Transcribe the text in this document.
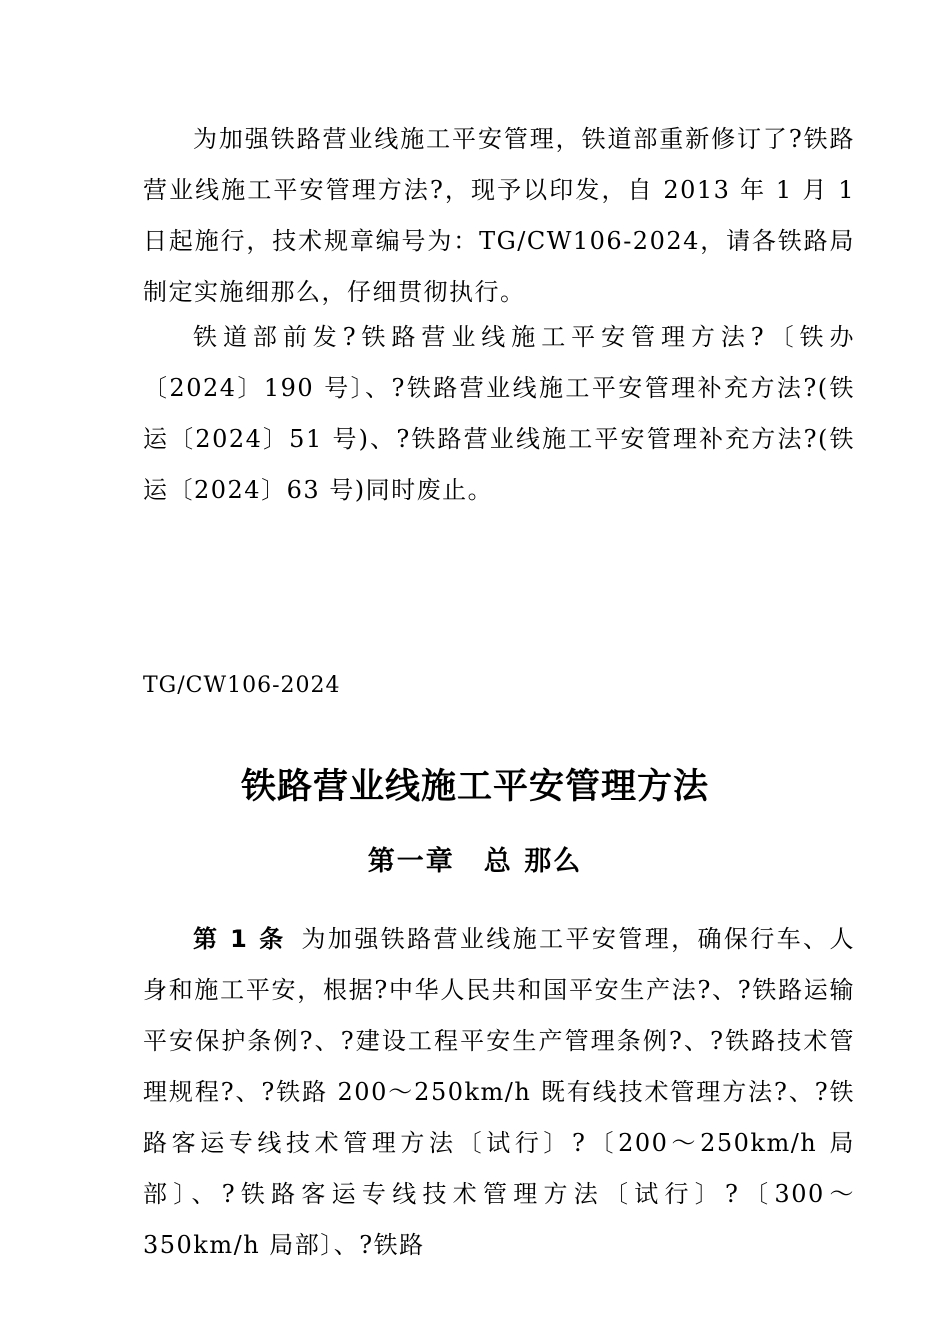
为加强铁路营业线施工平安管理，铁道部重新修订了?铁路营业线施工平安管理方法?，现予以印发，自 2013 年 1 月 1 日起施行，技术规章编号为：TG/CW106-2024，请各铁路局制定实施细那么，仔细贯彻执行。

铁道部前发?铁路营业线施工平安管理方法?〔铁办〔2024〕190 号〕、?铁路营业线施工平安管理补充方法?(铁运〔2024〕51 号)、?铁路营业线施工平安管理补充方法?(铁运〔2024〕63 号)同时废止。

TG/CW106-2024

铁路营业线施工平安管理方法
第一章　总 那么

第 1 条 为加强铁路营业线施工平安管理，确保行车、人身和施工平安，根据?中华人民共和国平安生产法?、?铁路运输平安保护条例?、?建设工程平安生产管理条例?、?铁路技术管理规程?、?铁路 200～250km/h 既有线技术管理方法?、?铁路客运专线技术管理方法〔试行〕?〔200～250km/h 局部〕、?铁路客运专线技术管理方法〔试行〕?〔300～350km/h 局部〕、?铁路
